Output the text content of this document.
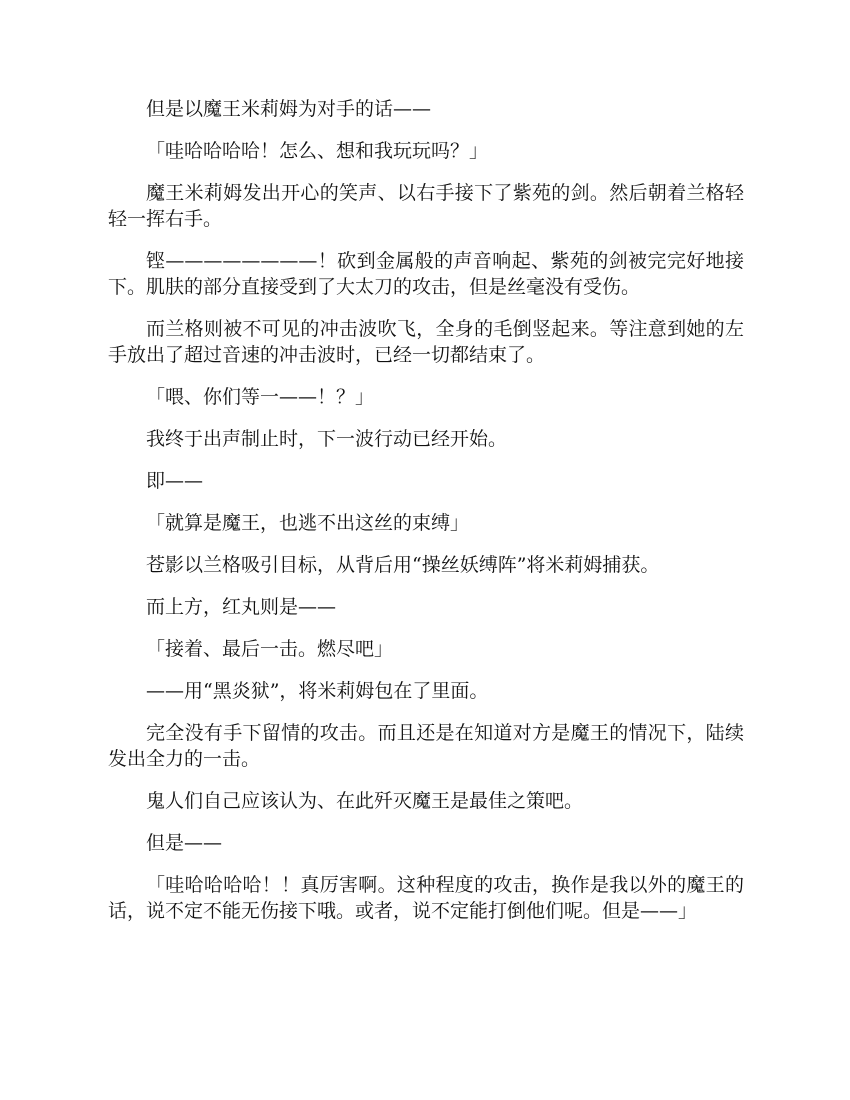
但是以魔王米莉姆为对手的话——

「哇哈哈哈哈！怎么、想和我玩玩吗？」

魔王米莉姆发出开心的笑声、以右手接下了紫苑的剑。然后朝着兰格轻轻一挥右手。

铿————————！砍到金属般的声音响起、紫苑的剑被完完好地接下。肌肤的部分直接受到了大太刀的攻击，但是丝毫没有受伤。

而兰格则被不可见的冲击波吹飞，全身的毛倒竖起来。等注意到她的左手放出了超过音速的冲击波时，已经一切都结束了。

「喂、你们等一——！？」

我终于出声制止时，下一波行动已经开始。

即——

「就算是魔王，也逃不出这丝的束缚」

苍影以兰格吸引目标，从背后用“操丝妖缚阵”将米莉姆捕获。

而上方，红丸则是——

「接着、最后一击。燃尽吧」

——用“黑炎狱”，将米莉姆包在了里面。

完全没有手下留情的攻击。而且还是在知道对方是魔王的情况下，陆续发出全力的一击。

鬼人们自己应该认为、在此歼灭魔王是最佳之策吧。

但是——

「哇哈哈哈哈！！真厉害啊。这种程度的攻击，换作是我以外的魔王的话，说不定不能无伤接下哦。或者，说不定能打倒他们呢。但是——」
